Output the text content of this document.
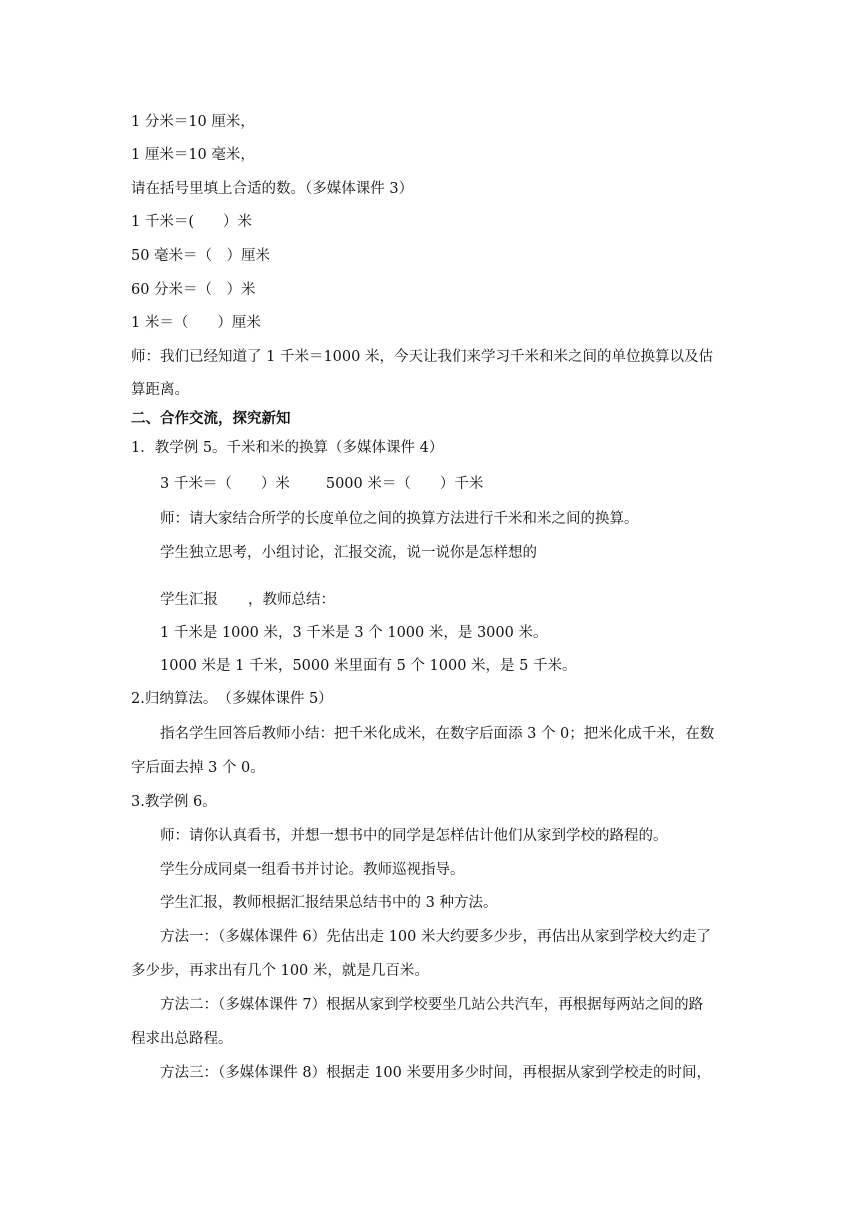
1 分米＝10 厘米，
1 厘米＝10 毫米，
请在括号里填上合适的数。（多媒体课件 3）
1 千米＝(　　）米
50 毫米＝（　）厘米
60 分米＝（　）米
1 米＝（　　）厘米
师：我们已经知道了 1 千米＝1000 米，今天让我们来学习千米和米之间的单位换算以及估
算距离。
二、合作交流，探究新知
1．教学例 5。千米和米的换算（多媒体课件 4）
3 千米＝（　　）米 5000 米＝（　　）千米
师：请大家结合所学的长度单位之间的换算方法进行千米和米之间的换算。
学生独立思考，小组讨论，汇报交流，说一说你是怎样想的
学生汇报 ，教师总结：
1 千米是 1000 米，3 千米是 3 个 1000 米，是 3000 米。
1000 米是 1 千米，5000 米里面有 5 个 1000 米，是 5 千米。
2.归纳算法。　（多媒体课件 5）
指名学生回答后教师小结：把千米化成米，在数字后面添 3 个 0；把米化成千米，在数
字后面去掉 3 个 0。
3.教学例 6。
师：请你认真看书，并想一想书中的同学是怎样估计他们从家到学校的路程的。
学生分成同桌一组看书并讨论。教师巡视指导。
学生汇报，教师根据汇报结果总结书中的 3 种方法。
方法一：（多媒体课件 6）先估出走 100 米大约要多少步，再估出从家到学校大约走了
多少步，再求出有几个 100 米，就是几百米。
方法二：（多媒体课件 7）根据从家到学校要坐几站公共汽车，再根据每两站之间的路
程求出总路程。
方法三：（多媒体课件 8）根据走 100 米要用多少时间，再根据从家到学校走的时间，
